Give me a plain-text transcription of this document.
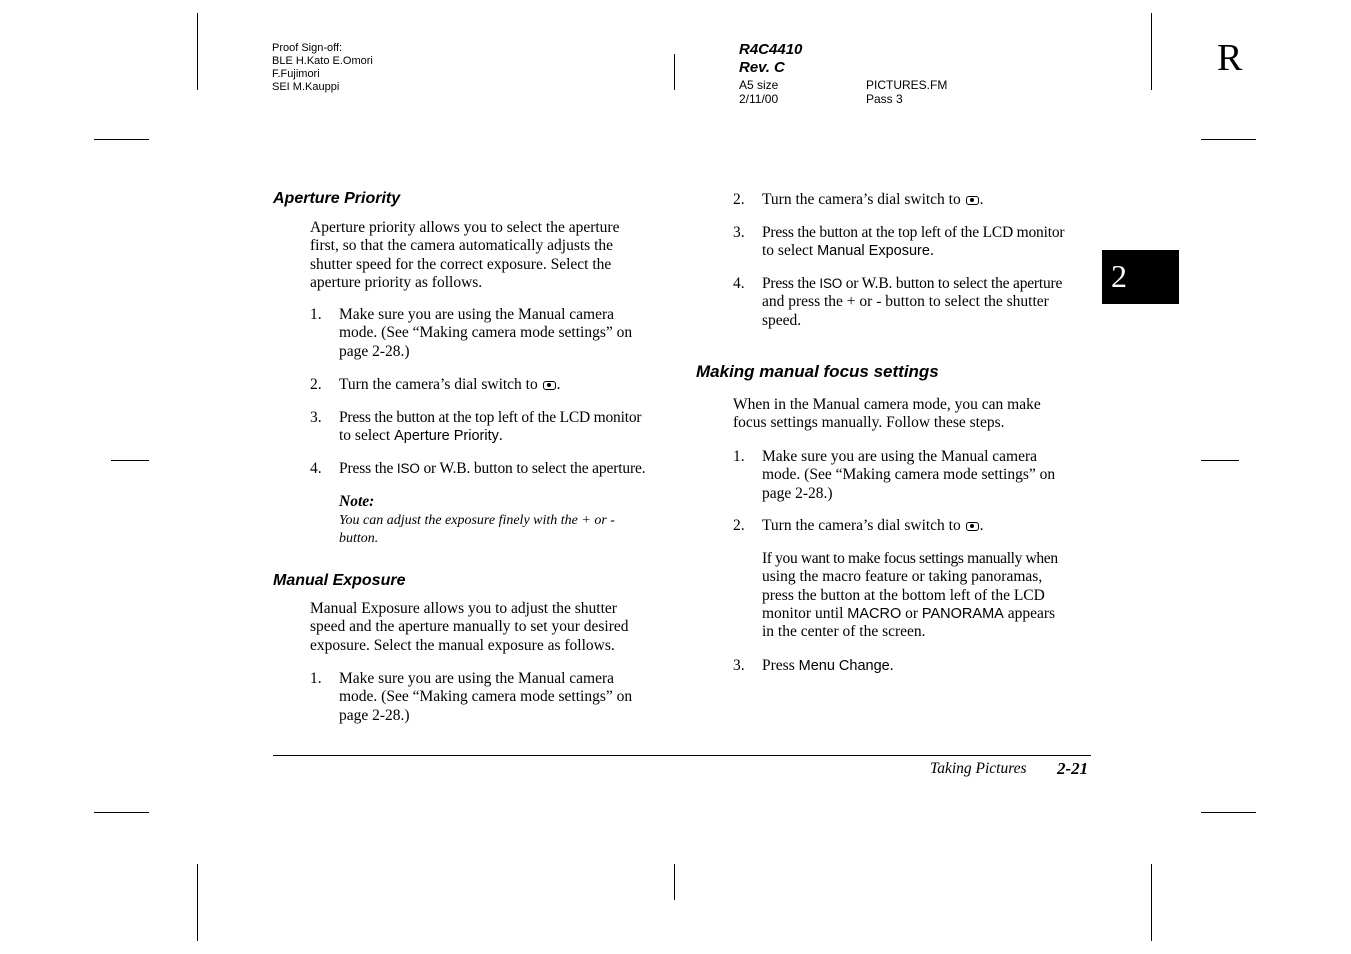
Proof Sign-off:
BLE H.Kato E.Omori
F.Fujimori
SEI M.Kauppi
R4C4410
Rev. C
A5 size
2/11/00
PICTURES.FM
Pass 3
R
2
Aperture Priority
Aperture priority allows you to select the aperture
first, so that the camera automatically adjusts the
shutter speed for the correct exposure. Select the
aperture priority as follows.
1. Make sure you are using the Manual camera
mode. (See “Making camera mode settings” on
page 2-28.)
2. Turn the camera’s dial switch to .
3. Press the button at the top left of the LCD monitor
to select Aperture Priority.
4. Press the ISO or W.B. button to select the aperture.
Note:
You can adjust the exposure finely with the + or -
button.
Manual Exposure
Manual Exposure allows you to adjust the shutter
speed and the aperture manually to set your desired
exposure. Select the manual exposure as follows.
1. Make sure you are using the Manual camera
mode. (See “Making camera mode settings” on
page 2-28.)
2. Turn the camera’s dial switch to .
3. Press the button at the top left of the LCD monitor
to select Manual Exposure.
4. Press the ISO or W.B. button to select the aperture
and press the + or - button to select the shutter
speed.
Making manual focus settings
When in the Manual camera mode, you can make
focus settings manually. Follow these steps.
1. Make sure you are using the Manual camera
mode. (See “Making camera mode settings” on
page 2-28.)
2. Turn the camera’s dial switch to .
If you want to make focus settings manually when
using the macro feature or taking panoramas,
press the button at the bottom left of the LCD
monitor until MACRO or PANORAMA appears
in the center of the screen.
3. Press Menu Change.
Taking Pictures 2-21
